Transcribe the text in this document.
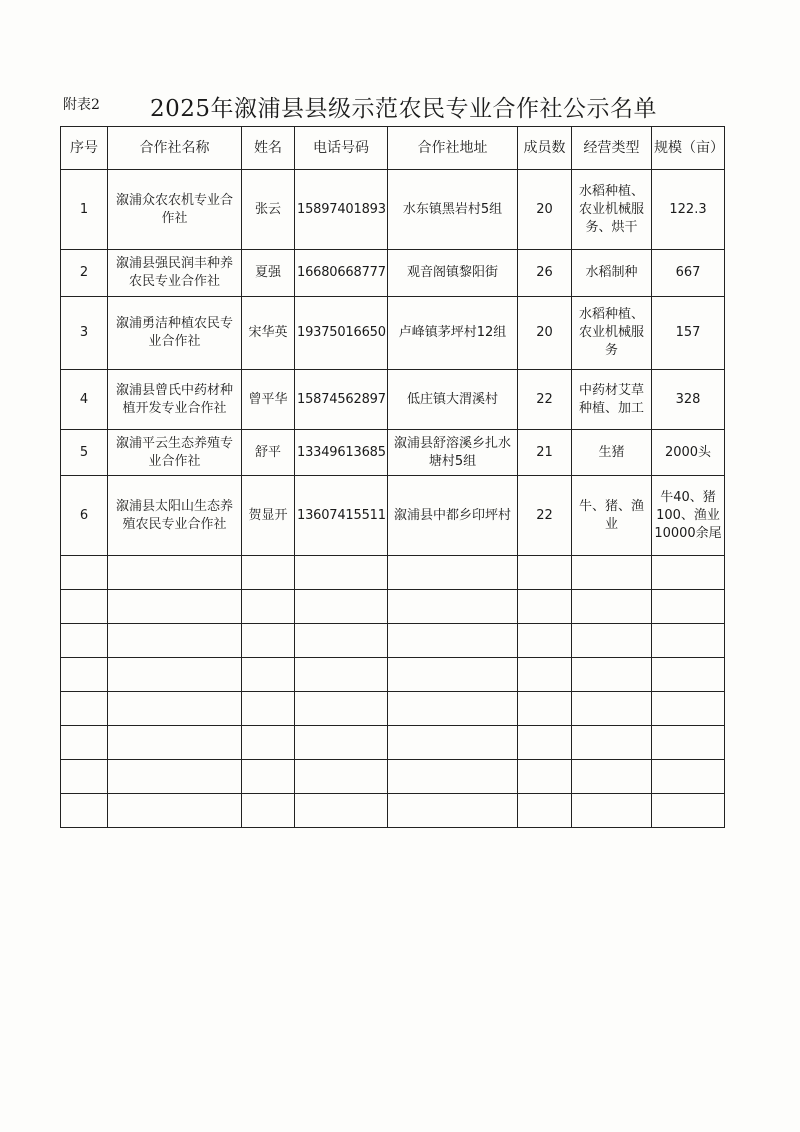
附表2 2025年溆浦县县级示范农民专业合作社公示名单
序号	合作社名称	姓名	电话号码	合作社地址	成员数	经营类型	规模（亩）
1	溆浦众农农机专业合作社	张云	15897401893	水东镇黑岩村5组	20	水稻种植、农业机械服务、烘干	122.3
2	溆浦县强民润丰种养农民专业合作社	夏强	16680668777	观音阁镇黎阳街	26	水稻制种	667
3	溆浦勇洁种植农民专业合作社	宋华英	19375016650	卢峰镇茅坪村12组	20	水稻种植、农业机械服务	157
4	溆浦县曾氏中药材种植开发专业合作社	曾平华	15874562897	低庄镇大渭溪村	22	中药材艾草种植、加工	328
5	溆浦平云生态养殖专业合作社	舒平	13349613685	溆浦县舒溶溪乡扎水塘村5组	21	生猪	2000头
6	溆浦县太阳山生态养殖农民专业合作社	贺显开	13607415511	溆浦县中都乡印坪村	22	牛、猪、渔业	牛40、猪100、渔业10000余尾
